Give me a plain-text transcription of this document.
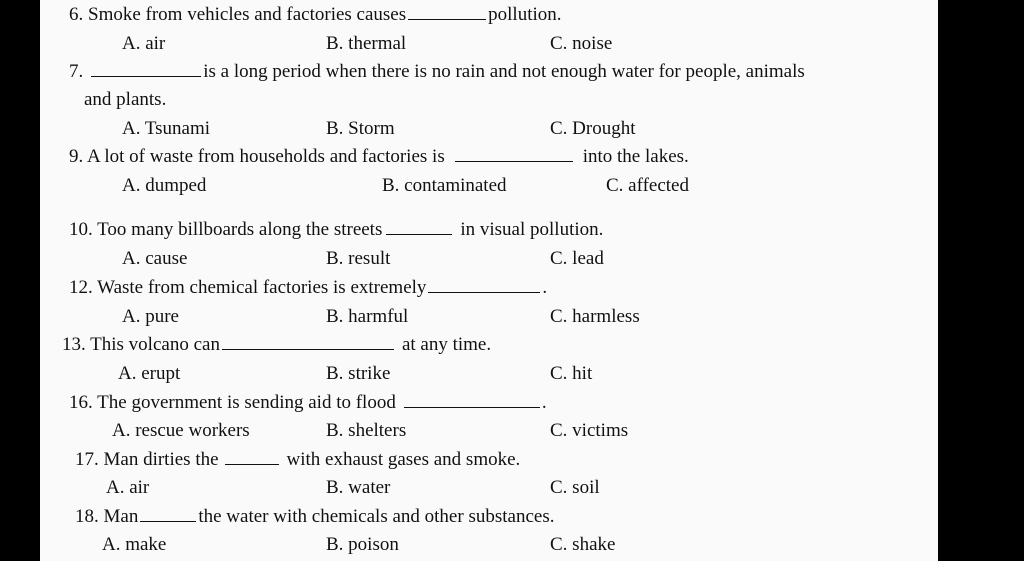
6. Smoke from vehicles and factories causes	pollution.
A. air	B. thermal	C. noise
7.	is a long period when there is no rain and not enough water for people, animals
and plants.
A. Tsunami	B. Storm	C. Drought
9. A lot of waste from households and factories is	into the lakes.
A. dumped	B. contaminated	C. affected
10. Too many billboards along the streets	in visual pollution.
A. cause	B. result	C. lead
12. Waste from chemical factories is extremely	.
A. pure	B. harmful	C. harmless
13. This volcano can	at any time.
A. erupt	B. strike	C. hit
16. The government is sending aid to flood	.
A. rescue workers	B. shelters	C. victims
17. Man dirties the	with exhaust gases and smoke.
A. air	B. water	C. soil
18. Man	the water with chemicals and other substances.
A. make	B. poison	C. shake
